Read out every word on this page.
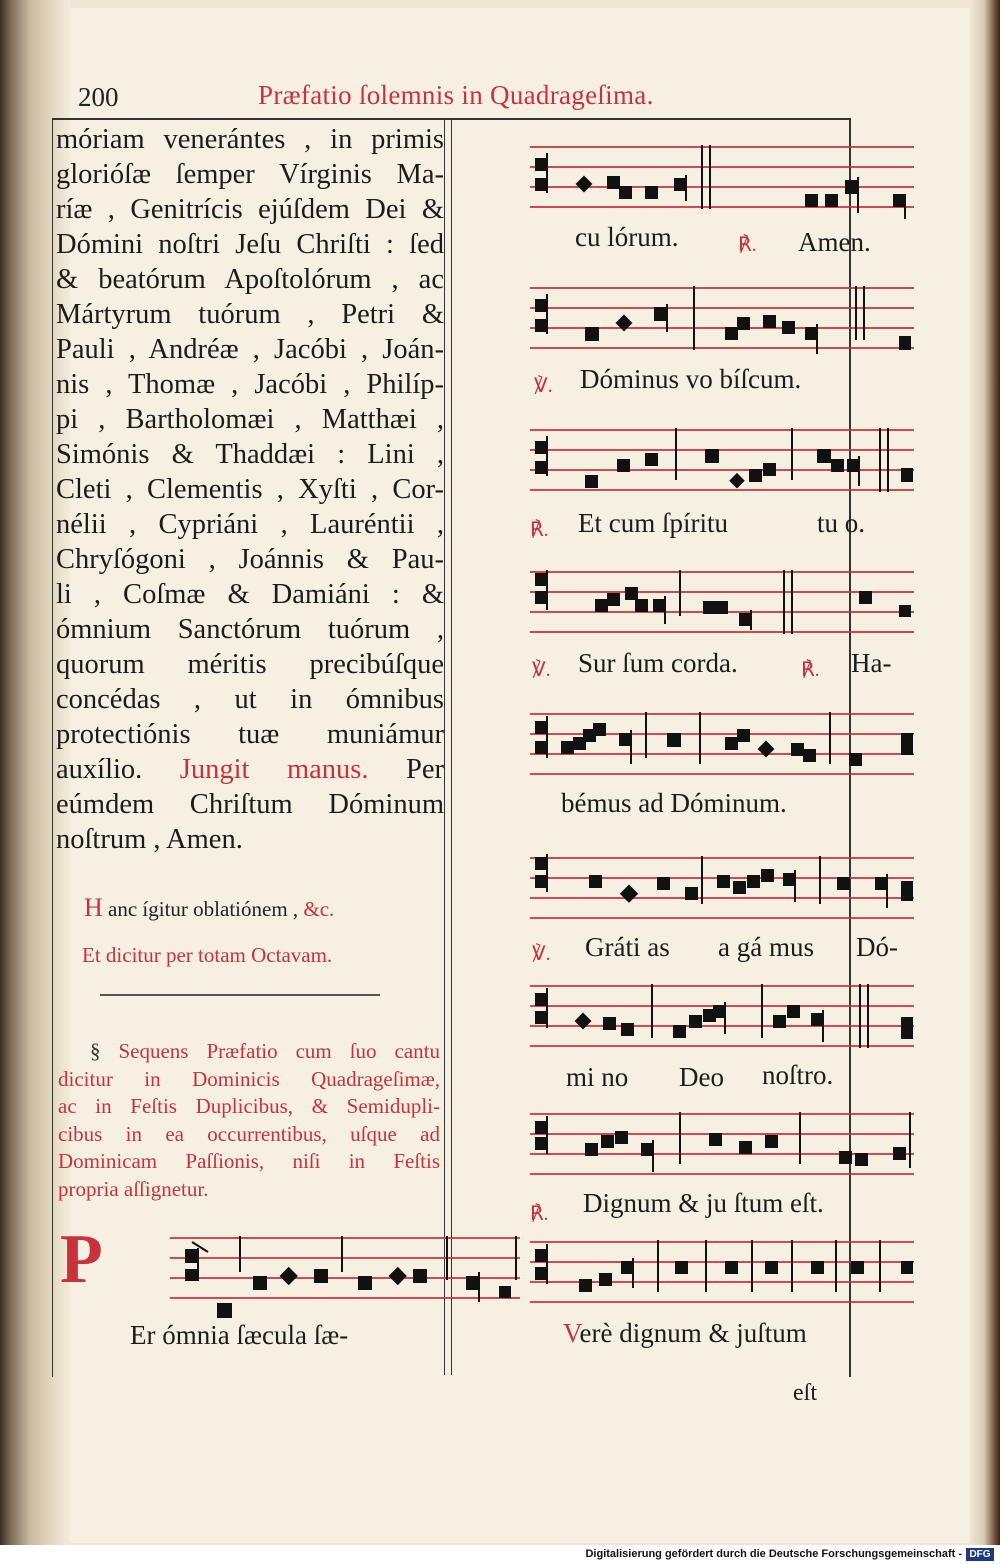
200	Præfatio ſolemnis in Quadrageſima.
móriam venerántes , in primis
glorióſæ ſemper Vírginis Ma-
ríæ , Genitrícis ejúſdem Dei &
Dómini noſtri Jeſu Chriſti : ſed
& beatórum Apoſtolórum , ac
Mártyrum tuórum , Petri &
Pauli , Andréæ , Jacóbi , Joán-
nis , Thomæ , Jacóbi , Philíp-
pi , Bartholomæi , Matthæi ,
Simónis & Thaddæi : Lini ,
Cleti , Clementis , Xyſti , Cor-
nélii , Cypriáni , Lauréntii ,
Chryſógoni , Joánnis & Pau-
li , Coſmæ & Damiáni : &
ómnium Sanctórum tuórum ,
quorum méritis precibúſque
concédas , ut in ómnibus
protectiónis tuæ muniámur
auxílio. Jungit manus. Per
eúmdem Chriſtum Dóminum
noſtrum , Amen.
H anc ígitur oblatiónem , &c.
Et dicitur per totam Octavam.
§ Sequens Præfatio cum ſuo cantu
dicitur in Dominicis Quadrageſimæ,
ac in Feſtis Duplicibus, & Semidupli-
cibus in ea occurrentibus, uſque ad
Dominicam Paſſionis, niſi in Feſtis
propria aſſignetur.
P
Er ómnia ſæcula ſæ-
cu lórum.	℟. Amen.
℣. Dóminus vo bíſcum.
℟. Et cum ſpíritu	tu o.
℣. Sur ſum corda.	℟. Ha-
bémus ad Dóminum.
℣. Gráti as a gá mus Dó-
mi no Deo noſtro.
℟. Dignum & ju ſtum eſt.
Verè dignum & juſtum
eſt
Digitalisierung gefördert durch die Deutsche Forschungsgemeinschaft - DFG
